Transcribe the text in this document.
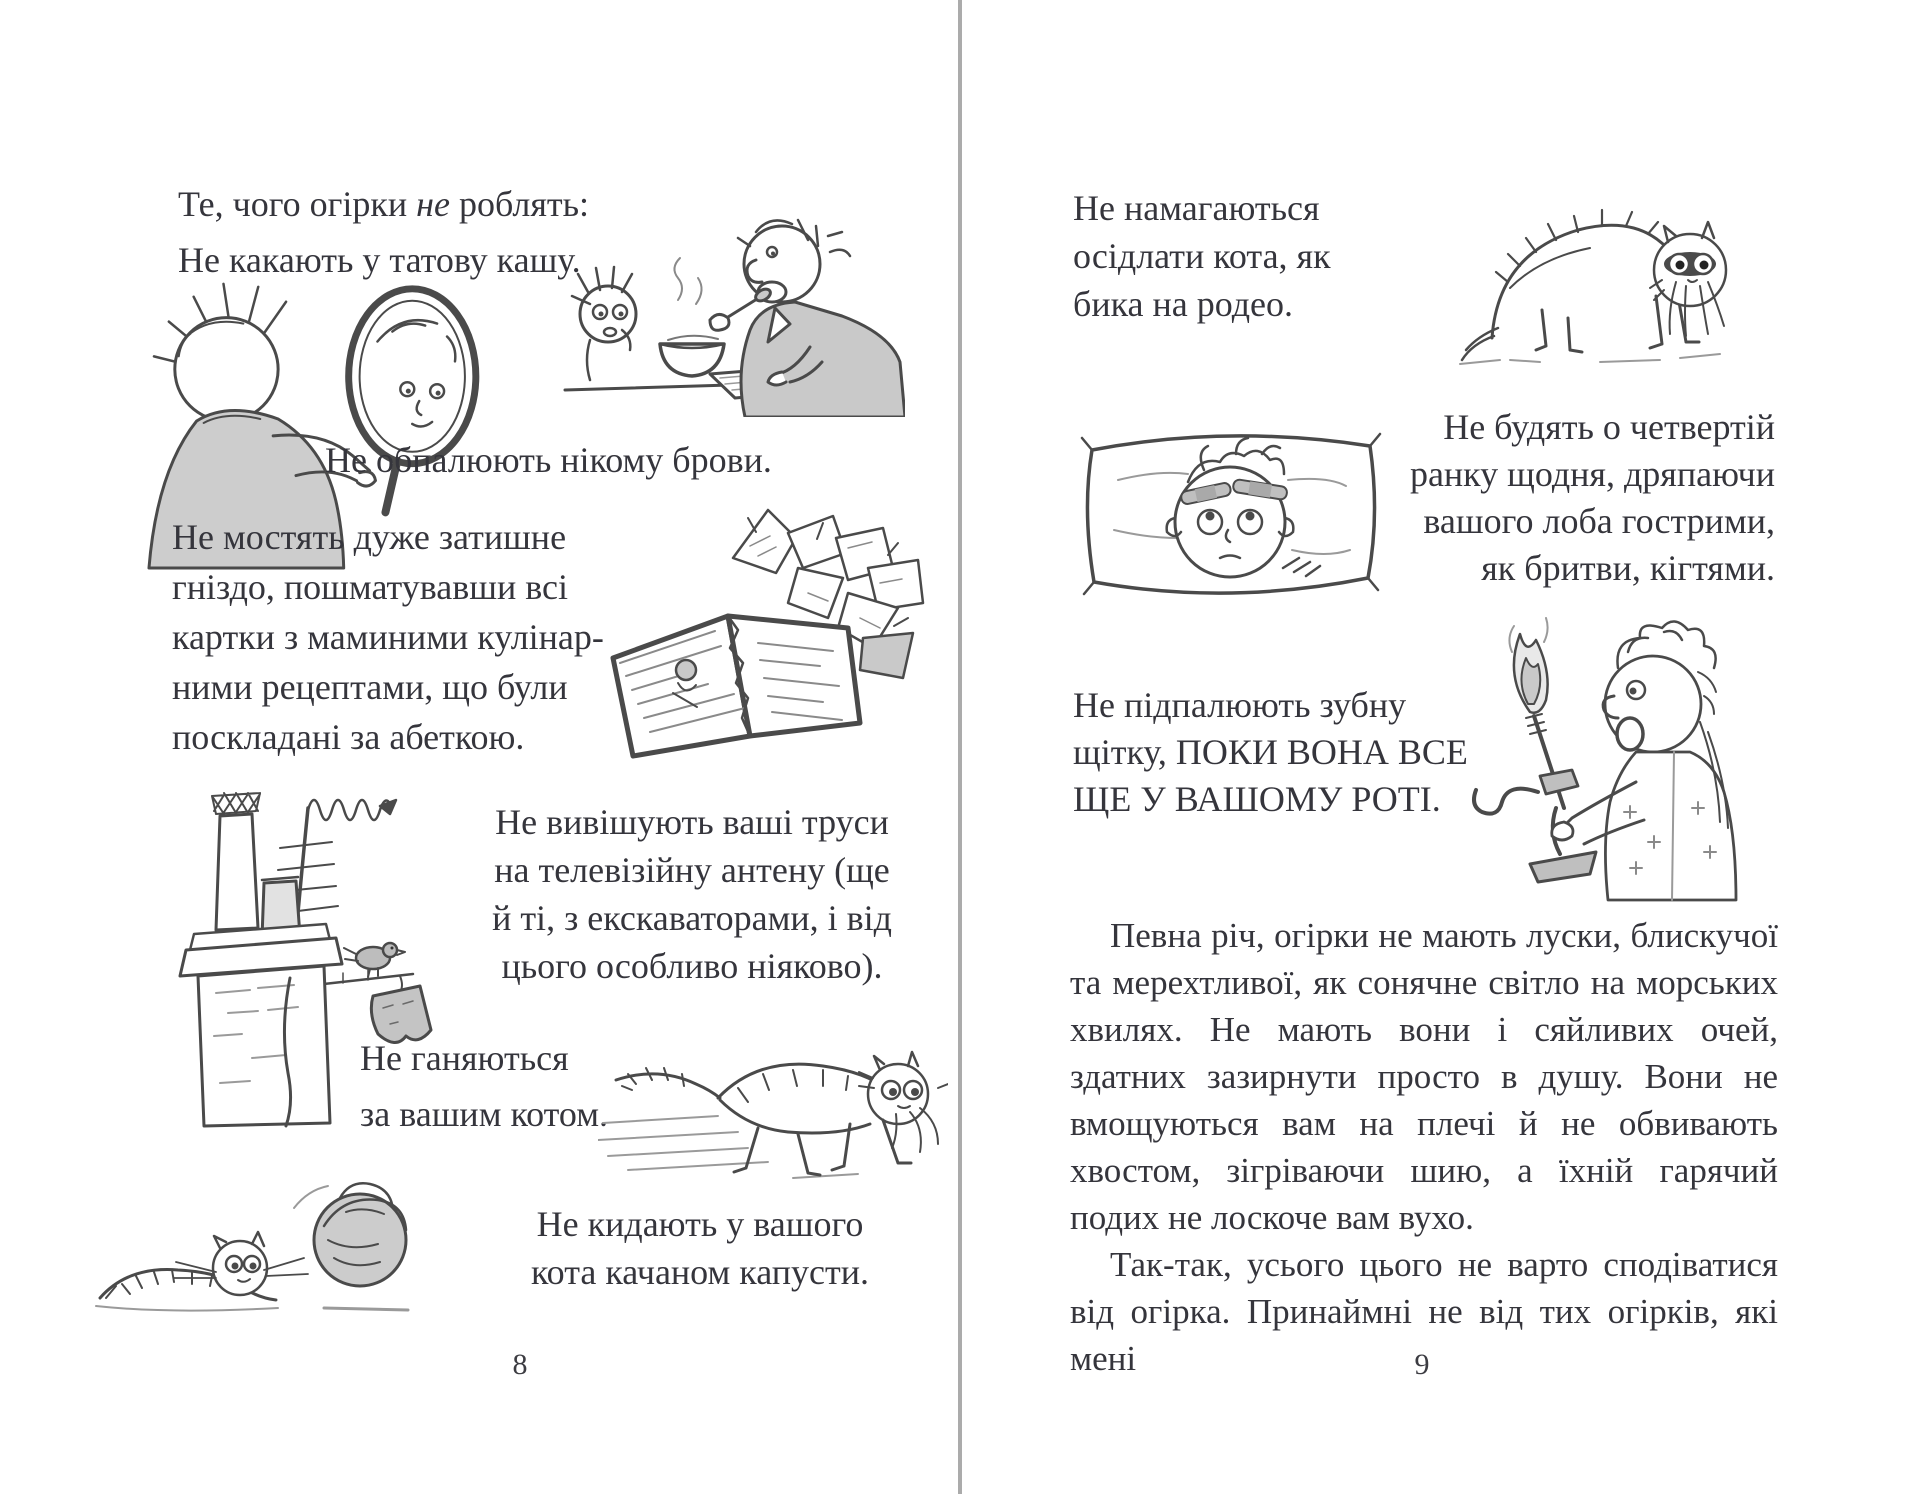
Те, чого огірки не роблять:
Не какають у татову кашу.
Не обпалюють нікому брови.
Не мостять дуже затишне
гніздо, пошматувавши всі
картки з маминими кулінар-
ними рецептами, що були
поскладані за абеткою.
Не вивішують ваші труси
на телевізійну антену (ще
й ті, з екскаваторами, і від
цього особливо ніяково).
Не ганяються
за вашим котом.
Не кидають у вашого
кота качаном капусти.
8
Не намагаються
осідлати кота, як
бика на родео.
Не будять о четвертій
ранку щодня, дряпаючи
вашого лоба гострими,
як бритви, кігтями.
Не підпалюють зубну
щітку, ПОКИ ВОНА ВСЕ
ЩЕ У ВАШОМУ РОТІ.

Певна річ, огірки не мають луски, блискучої та мерехтливої, як сонячне світло на морських хвилях. Не мають вони і сяйливих очей, здатних зазирнути просто в душу. Вони не вмощуються вам на плечі й не обвивають хвостом, зігріваючи шию, а їхній гарячий подих не лоскоче вам вухо.

Так-так, усього цього не варто сподіватися від огірка. Принаймні не від тих огірків, які мені	9
